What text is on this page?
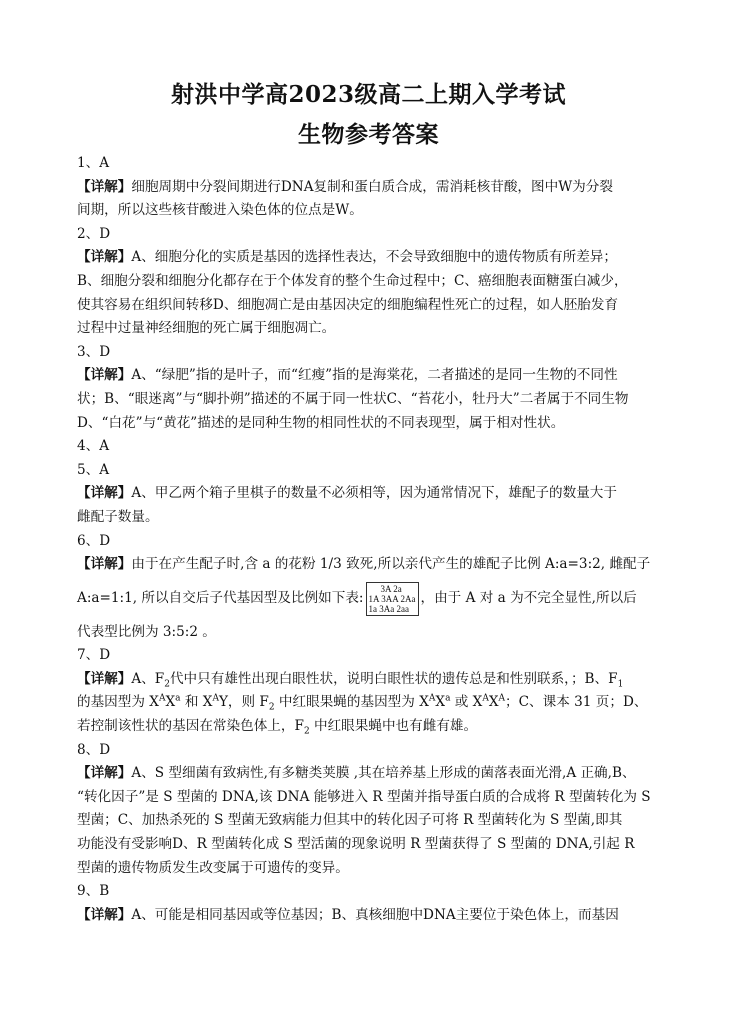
射洪中学高2023级高二上期入学考试
生物参考答案

1、A

【详解】细胞周期中分裂间期进行DNA复制和蛋白质合成，需消耗核苷酸，图中W为分裂

间期，所以这些核苷酸进入染色体的位点是W。

2、D

【详解】A、细胞分化的实质是基因的选择性表达，不会导致细胞中的遗传物质有所差异；

B、细胞分裂和细胞分化都存在于个体发育的整个生命过程中；C、癌细胞表面糖蛋白减少，

使其容易在组织间转移D、细胞凋亡是由基因决定的细胞编程性死亡的过程，如人胚胎发育

过程中过量神经细胞的死亡属于细胞凋亡。

3、D

【详解】A、“绿肥”指的是叶子，而“红瘦”指的是海棠花，二者描述的是同一生物的不同性

状；B、“眼迷离”与“脚扑朔”描述的不属于同一性状C、“苔花小，牡丹大”二者属于不同生物

D、“白花”与“黄花”描述的是同种生物的相同性状的不同表现型，属于相对性状。

4、A

5、A

【详解】A、甲乙两个箱子里棋子的数量不必须相等，因为通常情况下，雄配子的数量大于

雌配子数量。

6、D

【详解】由于在产生配子时,含 a 的花粉 1/3 致死,所以亲代产生的雄配子比例 A:a=3:2, 雌配子

A:a=1:1, 所以自交后子代基因型及比例如下表:
3A 2a
1A 3AA 2Aa
1a 3Aa 2aa
，由于 A 对 a 为不完全显性,所以后

代表型比例为 3:5:2 。

7、D

【详解】A、$F_2$代中只有雄性出现白眼性状，说明白眼性状的遗传总是和性别联系，；B、$F_1$

的基因型为 $X^AX^a$ 和 $X^AY$，则 $F_2$ 中红眼果蝇的基因型为 $X^AX^a$ 或 $X^AX^A$；C、课本 31 页；D、

若控制该性状的基因在常染色体上，$F_2$ 中红眼果蝇中也有雌有雄。

8、D

【详解】A、S 型细菌有致病性,有多糖类荚膜 ,其在培养基上形成的菌落表面光滑,A 正确,B、

“转化因子”是 S 型菌的 DNA,该 DNA 能够进入 R 型菌并指导蛋白质的合成将 R 型菌转化为 S

型菌；C、加热杀死的 S 型菌无致病能力但其中的转化因子可将 R 型菌转化为 S 型菌,即其

功能没有受影响D、R 型菌转化成 S 型活菌的现象说明 R 型菌获得了 S 型菌的 DNA,引起 R

型菌的遗传物质发生改变属于可遗传的变异。

9、B

【详解】A、可能是相同基因或等位基因；B、真核细胞中DNA主要位于染色体上，而基因
